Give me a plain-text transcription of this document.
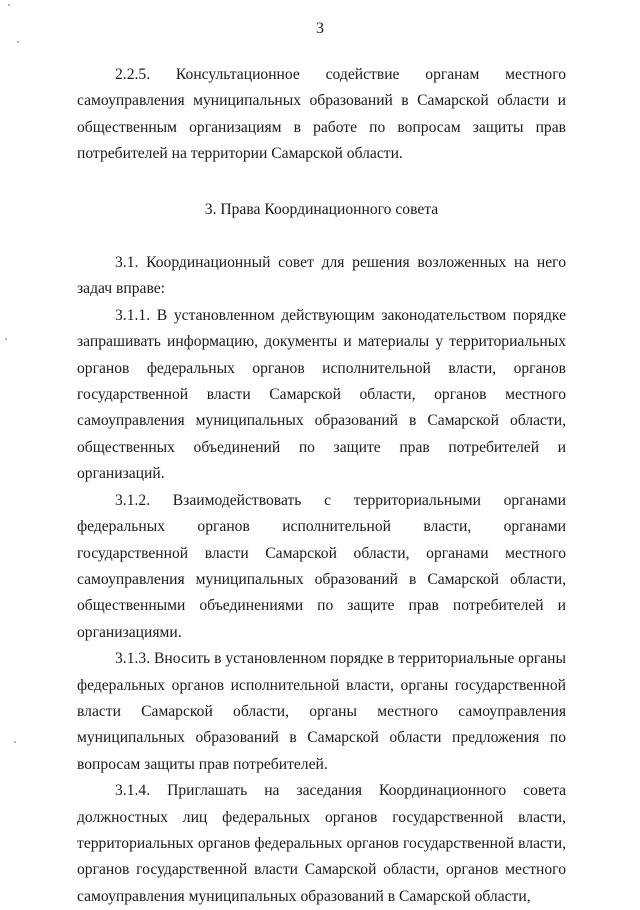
3

2.2.5. Консультационное содействие органам местного самоуправления муниципальных образований в Самарской области и общественным организациям в работе по вопросам защиты прав потребителей на территории Самарской области.

3. Права Координационного совета

3.1. Координационный совет для решения возложенных на него задач вправе:

3.1.1. В установленном действующим законодательством порядке запрашивать информацию, документы и материалы у территориальных органов федеральных органов исполнительной власти, органов государственной власти Самарской области, органов местного самоуправления муниципальных образований в Самарской области, общественных объединений по защите прав потребителей и организаций.

3.1.2. Взаимодействовать с территориальными органами федеральных органов исполнительной власти, органами государственной власти Самарской области, органами местного самоуправления муниципальных образований в Самарской области, общественными объединениями по защите прав потребителей и организациями.

3.1.3. Вносить в установленном порядке в территориальные органы федеральных органов исполнительной власти, органы государственной власти Самарской области, органы местного самоуправления муниципальных образований в Самарской области предложения по вопросам защиты прав потребителей.

3.1.4. Приглашать на заседания Координационного совета должностных лиц федеральных органов государственной власти, территориальных органов федеральных органов государственной власти, органов государственной власти Самарской области, органов местного самоуправления муниципальных образований в Самарской области,
